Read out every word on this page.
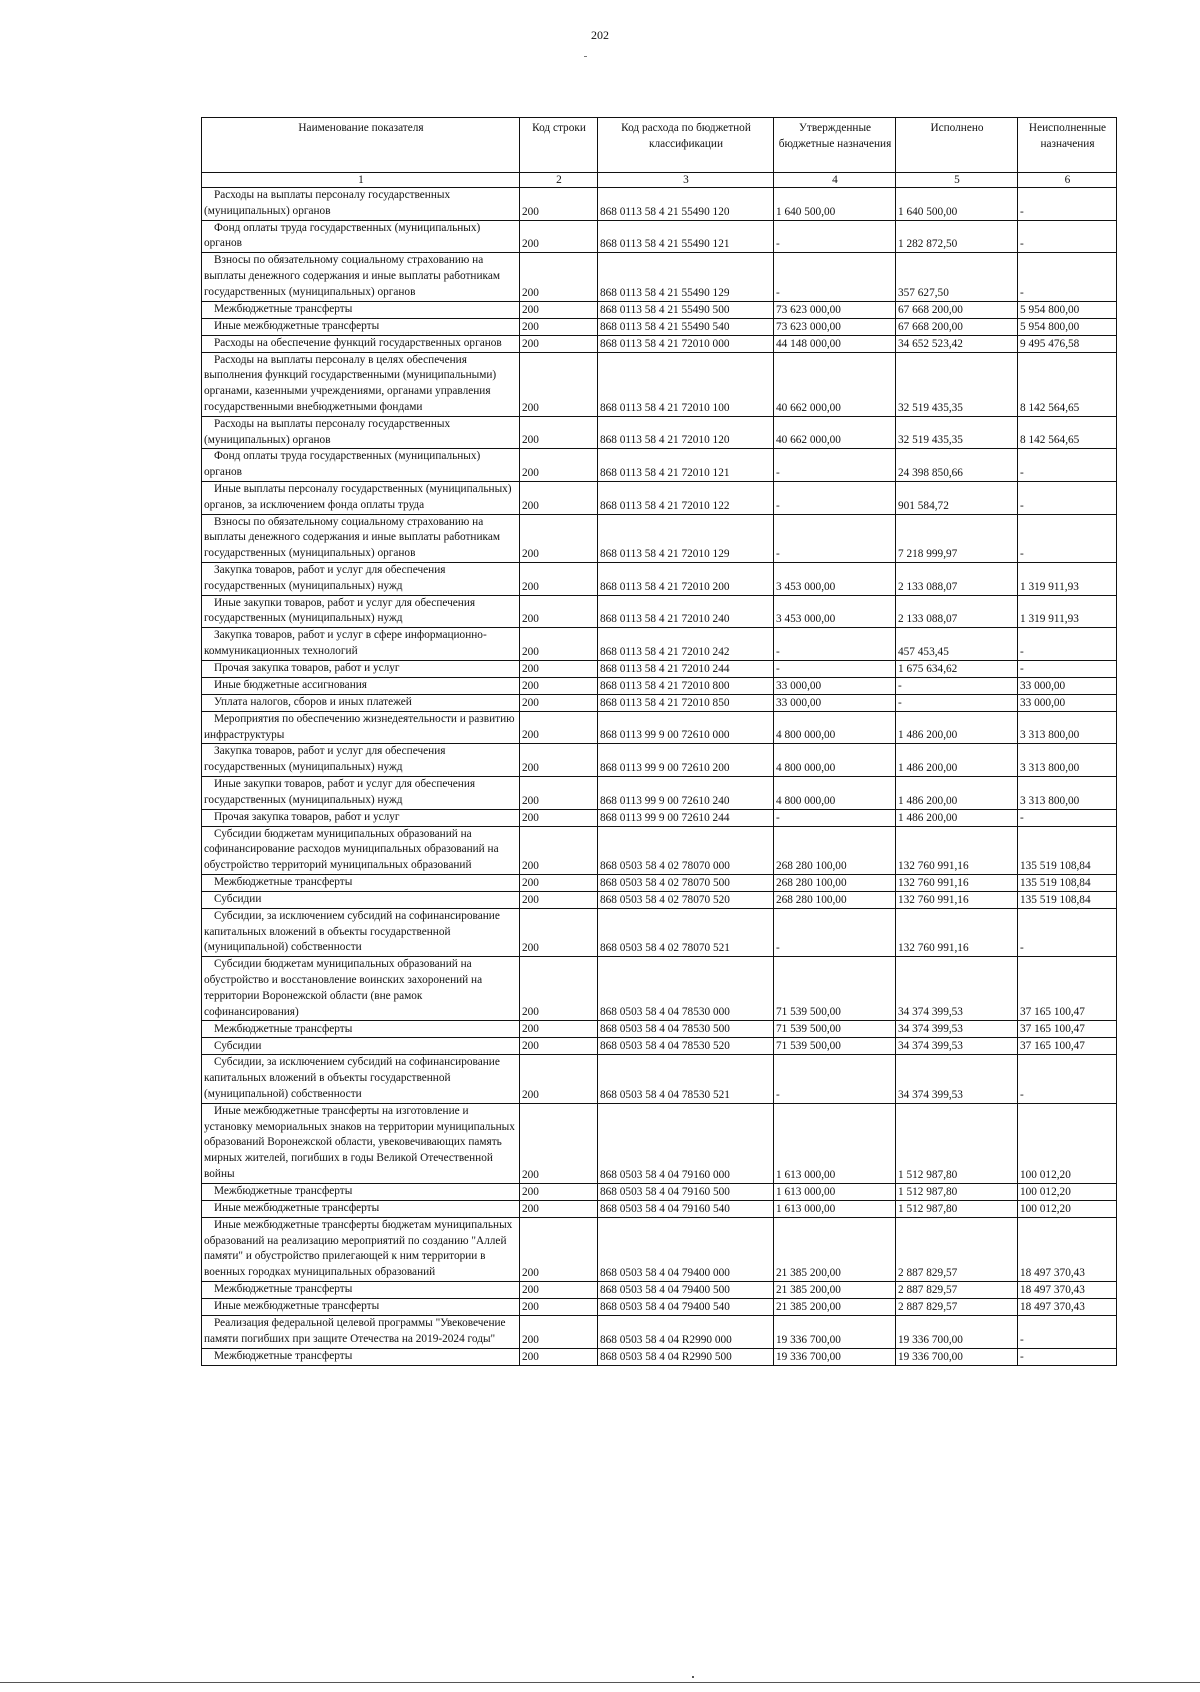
202
Наименование показателя	Код строки	Код расхода по бюджетной классификации	Утвержденные бюджетные назначения	Исполнено	Неисполненные назначения
1	2	3	4	5	6
Расходы на выплаты персоналу государственных (муниципальных) органов	200	868 0113 58 4 21 55490 120	1 640 500,00	1 640 500,00	-
Фонд оплаты труда государственных (муниципальных) органов	200	868 0113 58 4 21 55490 121	-	1 282 872,50	-
Взносы по обязательному социальному страхованию на выплаты денежного содержания и иные выплаты работникам государственных (муниципальных) органов	200	868 0113 58 4 21 55490 129	-	357 627,50	-
Межбюджетные трансферты	200	868 0113 58 4 21 55490 500	73 623 000,00	67 668 200,00	5 954 800,00
Иные межбюджетные трансферты	200	868 0113 58 4 21 55490 540	73 623 000,00	67 668 200,00	5 954 800,00
Расходы на обеспечение функций государственных органов	200	868 0113 58 4 21 72010 000	44 148 000,00	34 652 523,42	9 495 476,58
Расходы на выплаты персоналу в целях обеспечения выполнения функций государственными (муниципальными) органами, казенными учреждениями, органами управления государственными внебюджетными фондами	200	868 0113 58 4 21 72010 100	40 662 000,00	32 519 435,35	8 142 564,65
Расходы на выплаты персоналу государственных (муниципальных) органов	200	868 0113 58 4 21 72010 120	40 662 000,00	32 519 435,35	8 142 564,65
Фонд оплаты труда государственных (муниципальных) органов	200	868 0113 58 4 21 72010 121	-	24 398 850,66	-
Иные выплаты персоналу государственных (муниципальных) органов, за исключением фонда оплаты труда	200	868 0113 58 4 21 72010 122	-	901 584,72	-
Взносы по обязательному социальному страхованию на выплаты денежного содержания и иные выплаты работникам государственных (муниципальных) органов	200	868 0113 58 4 21 72010 129	-	7 218 999,97	-
Закупка товаров, работ и услуг для обеспечения государственных (муниципальных) нужд	200	868 0113 58 4 21 72010 200	3 453 000,00	2 133 088,07	1 319 911,93
Иные закупки товаров, работ и услуг для обеспечения государственных (муниципальных) нужд	200	868 0113 58 4 21 72010 240	3 453 000,00	2 133 088,07	1 319 911,93
Закупка товаров, работ и услуг в сфере информационно-коммуникационных технологий	200	868 0113 58 4 21 72010 242	-	457 453,45	-
Прочая закупка товаров, работ и услуг	200	868 0113 58 4 21 72010 244	-	1 675 634,62	-
Иные бюджетные ассигнования	200	868 0113 58 4 21 72010 800	33 000,00	-	33 000,00
Уплата налогов, сборов и иных платежей	200	868 0113 58 4 21 72010 850	33 000,00	-	33 000,00
Мероприятия по обеспечению жизнедеятельности и развитию инфраструктуры	200	868 0113 99 9 00 72610 000	4 800 000,00	1 486 200,00	3 313 800,00
Закупка товаров, работ и услуг для обеспечения государственных (муниципальных) нужд	200	868 0113 99 9 00 72610 200	4 800 000,00	1 486 200,00	3 313 800,00
Иные закупки товаров, работ и услуг для обеспечения государственных (муниципальных) нужд	200	868 0113 99 9 00 72610 240	4 800 000,00	1 486 200,00	3 313 800,00
Прочая закупка товаров, работ и услуг	200	868 0113 99 9 00 72610 244	-	1 486 200,00	-
Субсидии бюджетам муниципальных образований на софинансирование расходов муниципальных образований на обустройство территорий муниципальных образований	200	868 0503 58 4 02 78070 000	268 280 100,00	132 760 991,16	135 519 108,84
Межбюджетные трансферты	200	868 0503 58 4 02 78070 500	268 280 100,00	132 760 991,16	135 519 108,84
Субсидии	200	868 0503 58 4 02 78070 520	268 280 100,00	132 760 991,16	135 519 108,84
Субсидии, за исключением субсидий на софинансирование капитальных вложений в объекты государственной (муниципальной) собственности	200	868 0503 58 4 02 78070 521	-	132 760 991,16	-
Субсидии бюджетам муниципальных образований на обустройство и восстановление воинских захоронений на территории Воронежской области (вне рамок софинансирования)	200	868 0503 58 4 04 78530 000	71 539 500,00	34 374 399,53	37 165 100,47
Межбюджетные трансферты	200	868 0503 58 4 04 78530 500	71 539 500,00	34 374 399,53	37 165 100,47
Субсидии	200	868 0503 58 4 04 78530 520	71 539 500,00	34 374 399,53	37 165 100,47
Субсидии, за исключением субсидий на софинансирование капитальных вложений в объекты государственной (муниципальной) собственности	200	868 0503 58 4 04 78530 521	-	34 374 399,53	-
Иные межбюджетные трансферты на изготовление и установку мемориальных знаков на территории муниципальных образований Воронежской области, увековечивающих память мирных жителей, погибших в годы Великой Отечественной войны	200	868 0503 58 4 04 79160 000	1 613 000,00	1 512 987,80	100 012,20
Межбюджетные трансферты	200	868 0503 58 4 04 79160 500	1 613 000,00	1 512 987,80	100 012,20
Иные межбюджетные трансферты	200	868 0503 58 4 04 79160 540	1 613 000,00	1 512 987,80	100 012,20
Иные межбюджетные трансферты бюджетам муниципальных образований на реализацию мероприятий по созданию "Аллей памяти" и обустройство прилегающей к ним территории в военных городках муниципальных образований	200	868 0503 58 4 04 79400 000	21 385 200,00	2 887 829,57	18 497 370,43
Межбюджетные трансферты	200	868 0503 58 4 04 79400 500	21 385 200,00	2 887 829,57	18 497 370,43
Иные межбюджетные трансферты	200	868 0503 58 4 04 79400 540	21 385 200,00	2 887 829,57	18 497 370,43
Реализация федеральной целевой программы "Увековечение памяти погибших при защите Отечества на 2019-2024 годы"	200	868 0503 58 4 04 R2990 000	19 336 700,00	19 336 700,00	-
Межбюджетные трансферты	200	868 0503 58 4 04 R2990 500	19 336 700,00	19 336 700,00	-
